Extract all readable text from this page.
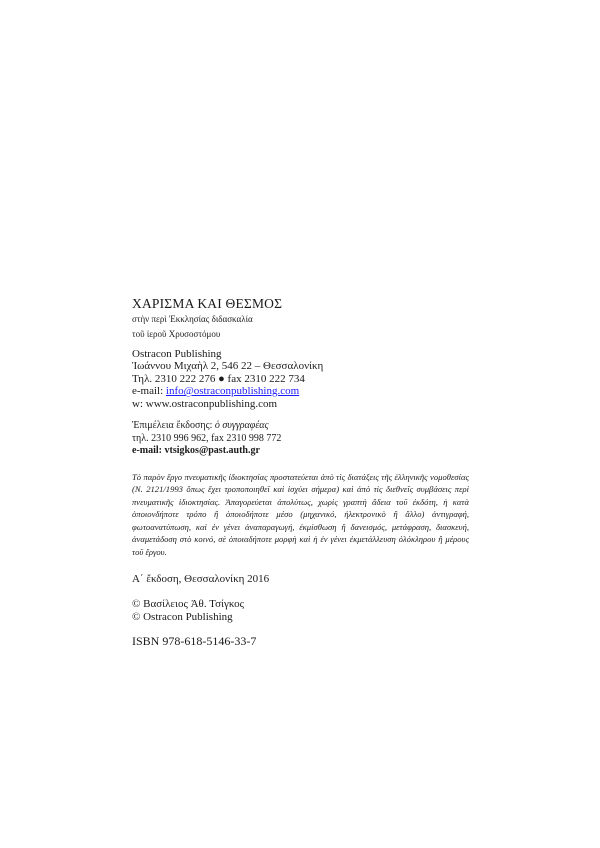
ΧΑΡΙΣΜΑ ΚΑΙ ΘΕΣΜΟΣ
στὴν περὶ Ἐκκλησίας διδασκαλία
τοῦ ἱεροῦ Χρυσοστόμου
Ostracon Publishing
Ἰωάννου Μιχαὴλ 2, 546 22 – Θεσσαλονίκη
Τηλ. 2310 222 276 ● fax 2310 222 734
e-mail: info@ostraconpublishing.com
w: www.ostraconpublishing.com
Ἐπιμέλεια ἔκδοσης: ὁ συγγραφέας
τηλ. 2310 996 962, fax 2310 998 772
e-mail: vtsigkos@past.auth.gr

Τὸ παρὸν ἔργο πνευματικῆς ἰδιοκτησίας προστατεύεται ἀπὸ τὶς διατάξεις τῆς ἑλληνικῆς νομοθεσίας (Ν. 2121/1993 ὅπως ἔχει τροποποιηθεῖ καὶ ἰσχύει σήμερα) καὶ ἀπὸ τὶς διεθνεῖς συμβάσεις περὶ πνευματικῆς ἰδιοκτησίας. Ἀπαγορεύεται ἀπολύτως, χωρὶς γραπτὴ ἄδεια τοῦ ἐκδότη, ἡ κατὰ ὁποιονδήποτε τρόπο ἢ ὁποιοδήποτε μέσο (μηχανικό, ἠλεκτρονικὸ ἢ ἄλλο) ἀντιγραφή, φωτοανατύπωση, καὶ ἐν γένει ἀναπαραγωγή, ἐκμίσθωση ἢ δανεισμός, μετάφραση, διασκευή, ἀναμετάδοση στὸ κοινό, σὲ ὁποιαδήποτε μορφὴ καὶ ἡ ἐν γένει ἐκμετάλλευση ὁλόκληρου ἢ μέρους τοῦ ἔργου.

Α΄ ἔκδοση, Θεσσαλονίκη 2016
© Βασίλειος Ἀθ. Τσίγκος
© Ostracon Publishing
ISBN 978-618-5146-33-7
